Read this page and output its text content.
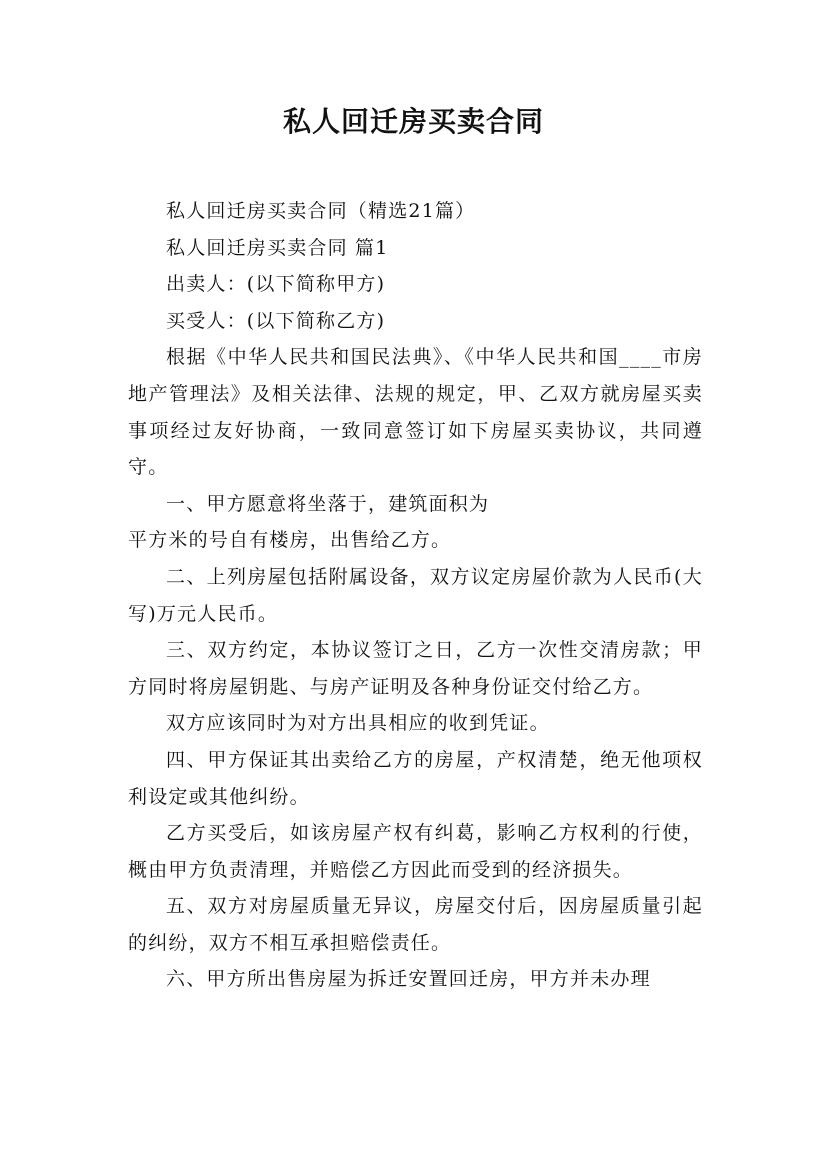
私人回迁房买卖合同

私人回迁房买卖合同（精选21篇）

私人回迁房买卖合同 篇1

出卖人：(以下简称甲方)

买受人：(以下简称乙方)

根据《中华人民共和国民法典》、《中华人民共和国____市房地产管理法》及相关法律、法规的规定，甲、乙双方就房屋买卖事项经过友好协商，一致同意签订如下房屋买卖协议，共同遵守。

一、甲方愿意将坐落于，建筑面积为

平方米的号自有楼房，出售给乙方。

二、上列房屋包括附属设备，双方议定房屋价款为人民币(大写)万元人民币。

三、双方约定，本协议签订之日，乙方一次性交清房款；甲方同时将房屋钥匙、与房产证明及各种身份证交付给乙方。

双方应该同时为对方出具相应的收到凭证。

四、甲方保证其出卖给乙方的房屋，产权清楚，绝无他项权利设定或其他纠纷。

乙方买受后，如该房屋产权有纠葛，影响乙方权利的行使，概由甲方负责清理，并赔偿乙方因此而受到的经济损失。

五、双方对房屋质量无异议，房屋交付后，因房屋质量引起的纠纷，双方不相互承担赔偿责任。

六、甲方所出售房屋为拆迁安置回迁房，甲方并未办理
